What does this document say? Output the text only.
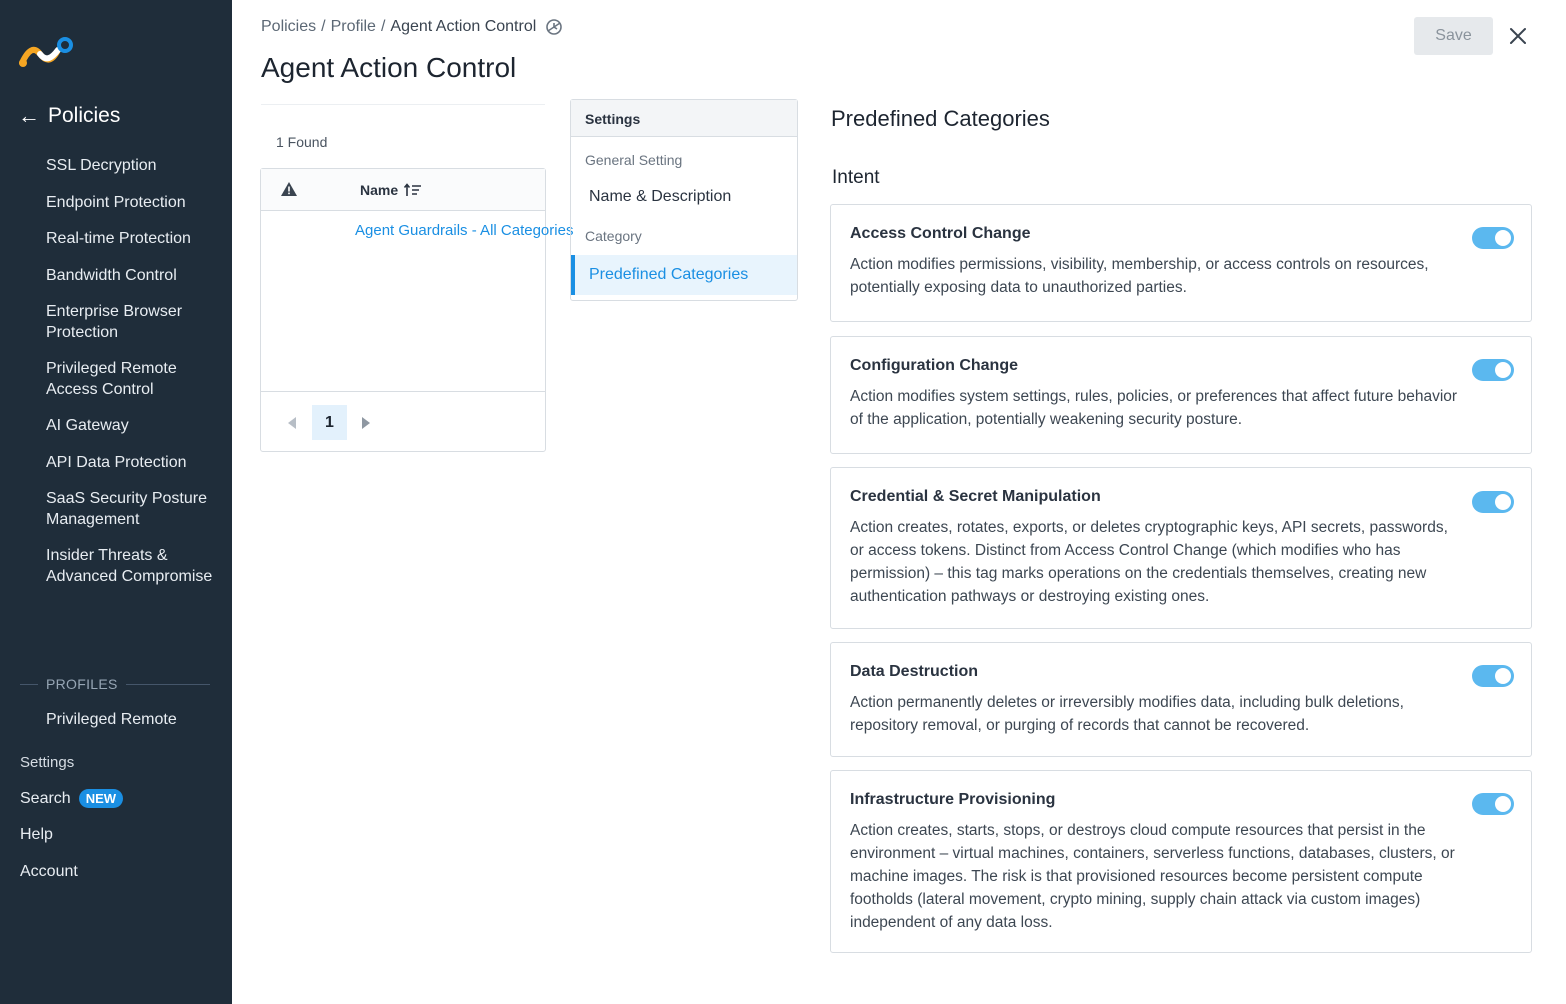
← Policies
SSL Decryption
Endpoint Protection
Real-time Protection
Bandwidth Control
Enterprise Browser Protection
Privileged Remote Access Control
AI Gateway
API Data Protection
SaaS Security Posture Management
Insider Threats & Advanced Compromise
PROFILES
Privileged Remote
Settings
Search	NEW
Help
Account
Policies / Profile / Agent Action Control
Agent Action Control
Save
1 Found
Name
Agent Guardrails - All Categories
1
Settings
General Setting
Name & Description
Category
Predefined Categories
Predefined Categories
Intent
Access Control Change
Action modifies permissions, visibility, membership, or access controls on resources, potentially exposing data to unauthorized parties.
Configuration Change
Action modifies system settings, rules, policies, or preferences that affect future behavior of the application, potentially weakening security posture.
Credential & Secret Manipulation
Action creates, rotates, exports, or deletes cryptographic keys, API secrets, passwords, or access tokens. Distinct from Access Control Change (which modifies who has permission) – this tag marks operations on the credentials themselves, creating new authentication pathways or destroying existing ones.
Data Destruction
Action permanently deletes or irreversibly modifies data, including bulk deletions, repository removal, or purging of records that cannot be recovered.
Infrastructure Provisioning
Action creates, starts, stops, or destroys cloud compute resources that persist in the environment – virtual machines, containers, serverless functions, databases, clusters, or machine images. The risk is that provisioned resources become persistent compute footholds (lateral movement, crypto mining, supply chain attack via custom images) independent of any data loss.
